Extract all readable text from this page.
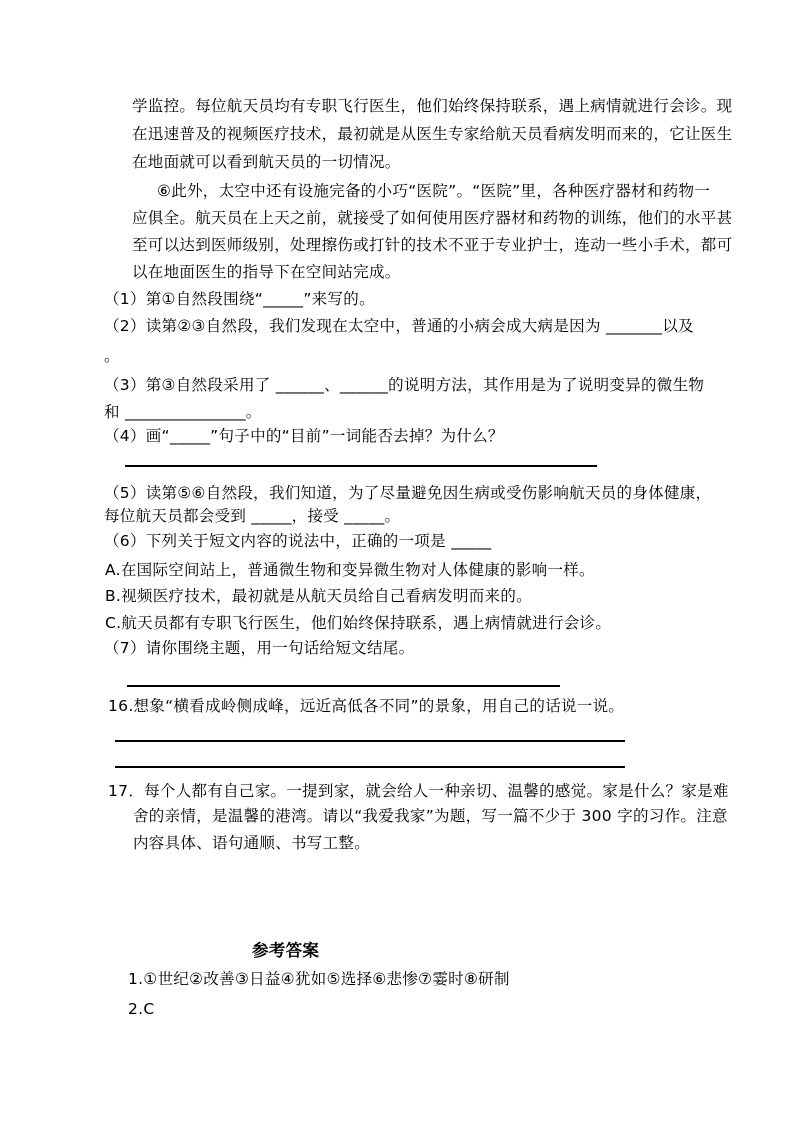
学监控。每位航天员均有专职飞行医生，他们始终保持联系，遇上病情就进行会诊。现
在迅速普及的视频医疗技术，最初就是从医生专家给航天员看病发明而来的，它让医生
在地面就可以看到航天员的一切情况。
⑥此外，太空中还有设施完备的小巧“医院”。“医院”里，各种医疗器材和药物一
应俱全。航天员在上天之前，就接受了如何使用医疗器材和药物的训练，他们的水平甚
至可以达到医师级别，处理擦伤或打针的技术不亚于专业护士，连动一些小手术，都可
以在地面医生的指导下在空间站完成。
（1）第①自然段围绕“_____”来写的。
（2）读第②③自然段，我们发现在太空中，普通的小病会成大病是因为 _______以及
。
（3）第③自然段采用了 ______、______的说明方法，其作用是为了说明变异的微生物
和 _______________。
（4）画“_____”句子中的“目前”一词能否去掉？为什么？
（5）读第⑤⑥自然段，我们知道，为了尽量避免因生病或受伤影响航天员的身体健康，
每位航天员都会受到 _____，接受 _____。
（6）下列关于短文内容的说法中，正确的一项是 _____
A.在国际空间站上，普通微生物和变异微生物对人体健康的影响一样。
B.视频医疗技术，最初就是从航天员给自己看病发明而来的。
C.航天员都有专职飞行医生，他们始终保持联系，遇上病情就进行会诊。
（7）请你围绕主题，用一句话给短文结尾。
16.想象“横看成岭侧成峰，远近高低各不同”的景象，用自己的话说一说。
17．每个人都有自己家。一提到家，就会给人一种亲切、温馨的感觉。家是什么？家是难
舍的亲情，是温馨的港湾。请以“我爱我家”为题，写一篇不少于 300 字的习作。注意
内容具体、语句通顺、书写工整。
参考答案
1.①世纪②改善③日益④犹如⑤选择⑥悲惨⑦霎时⑧研制
2.C
